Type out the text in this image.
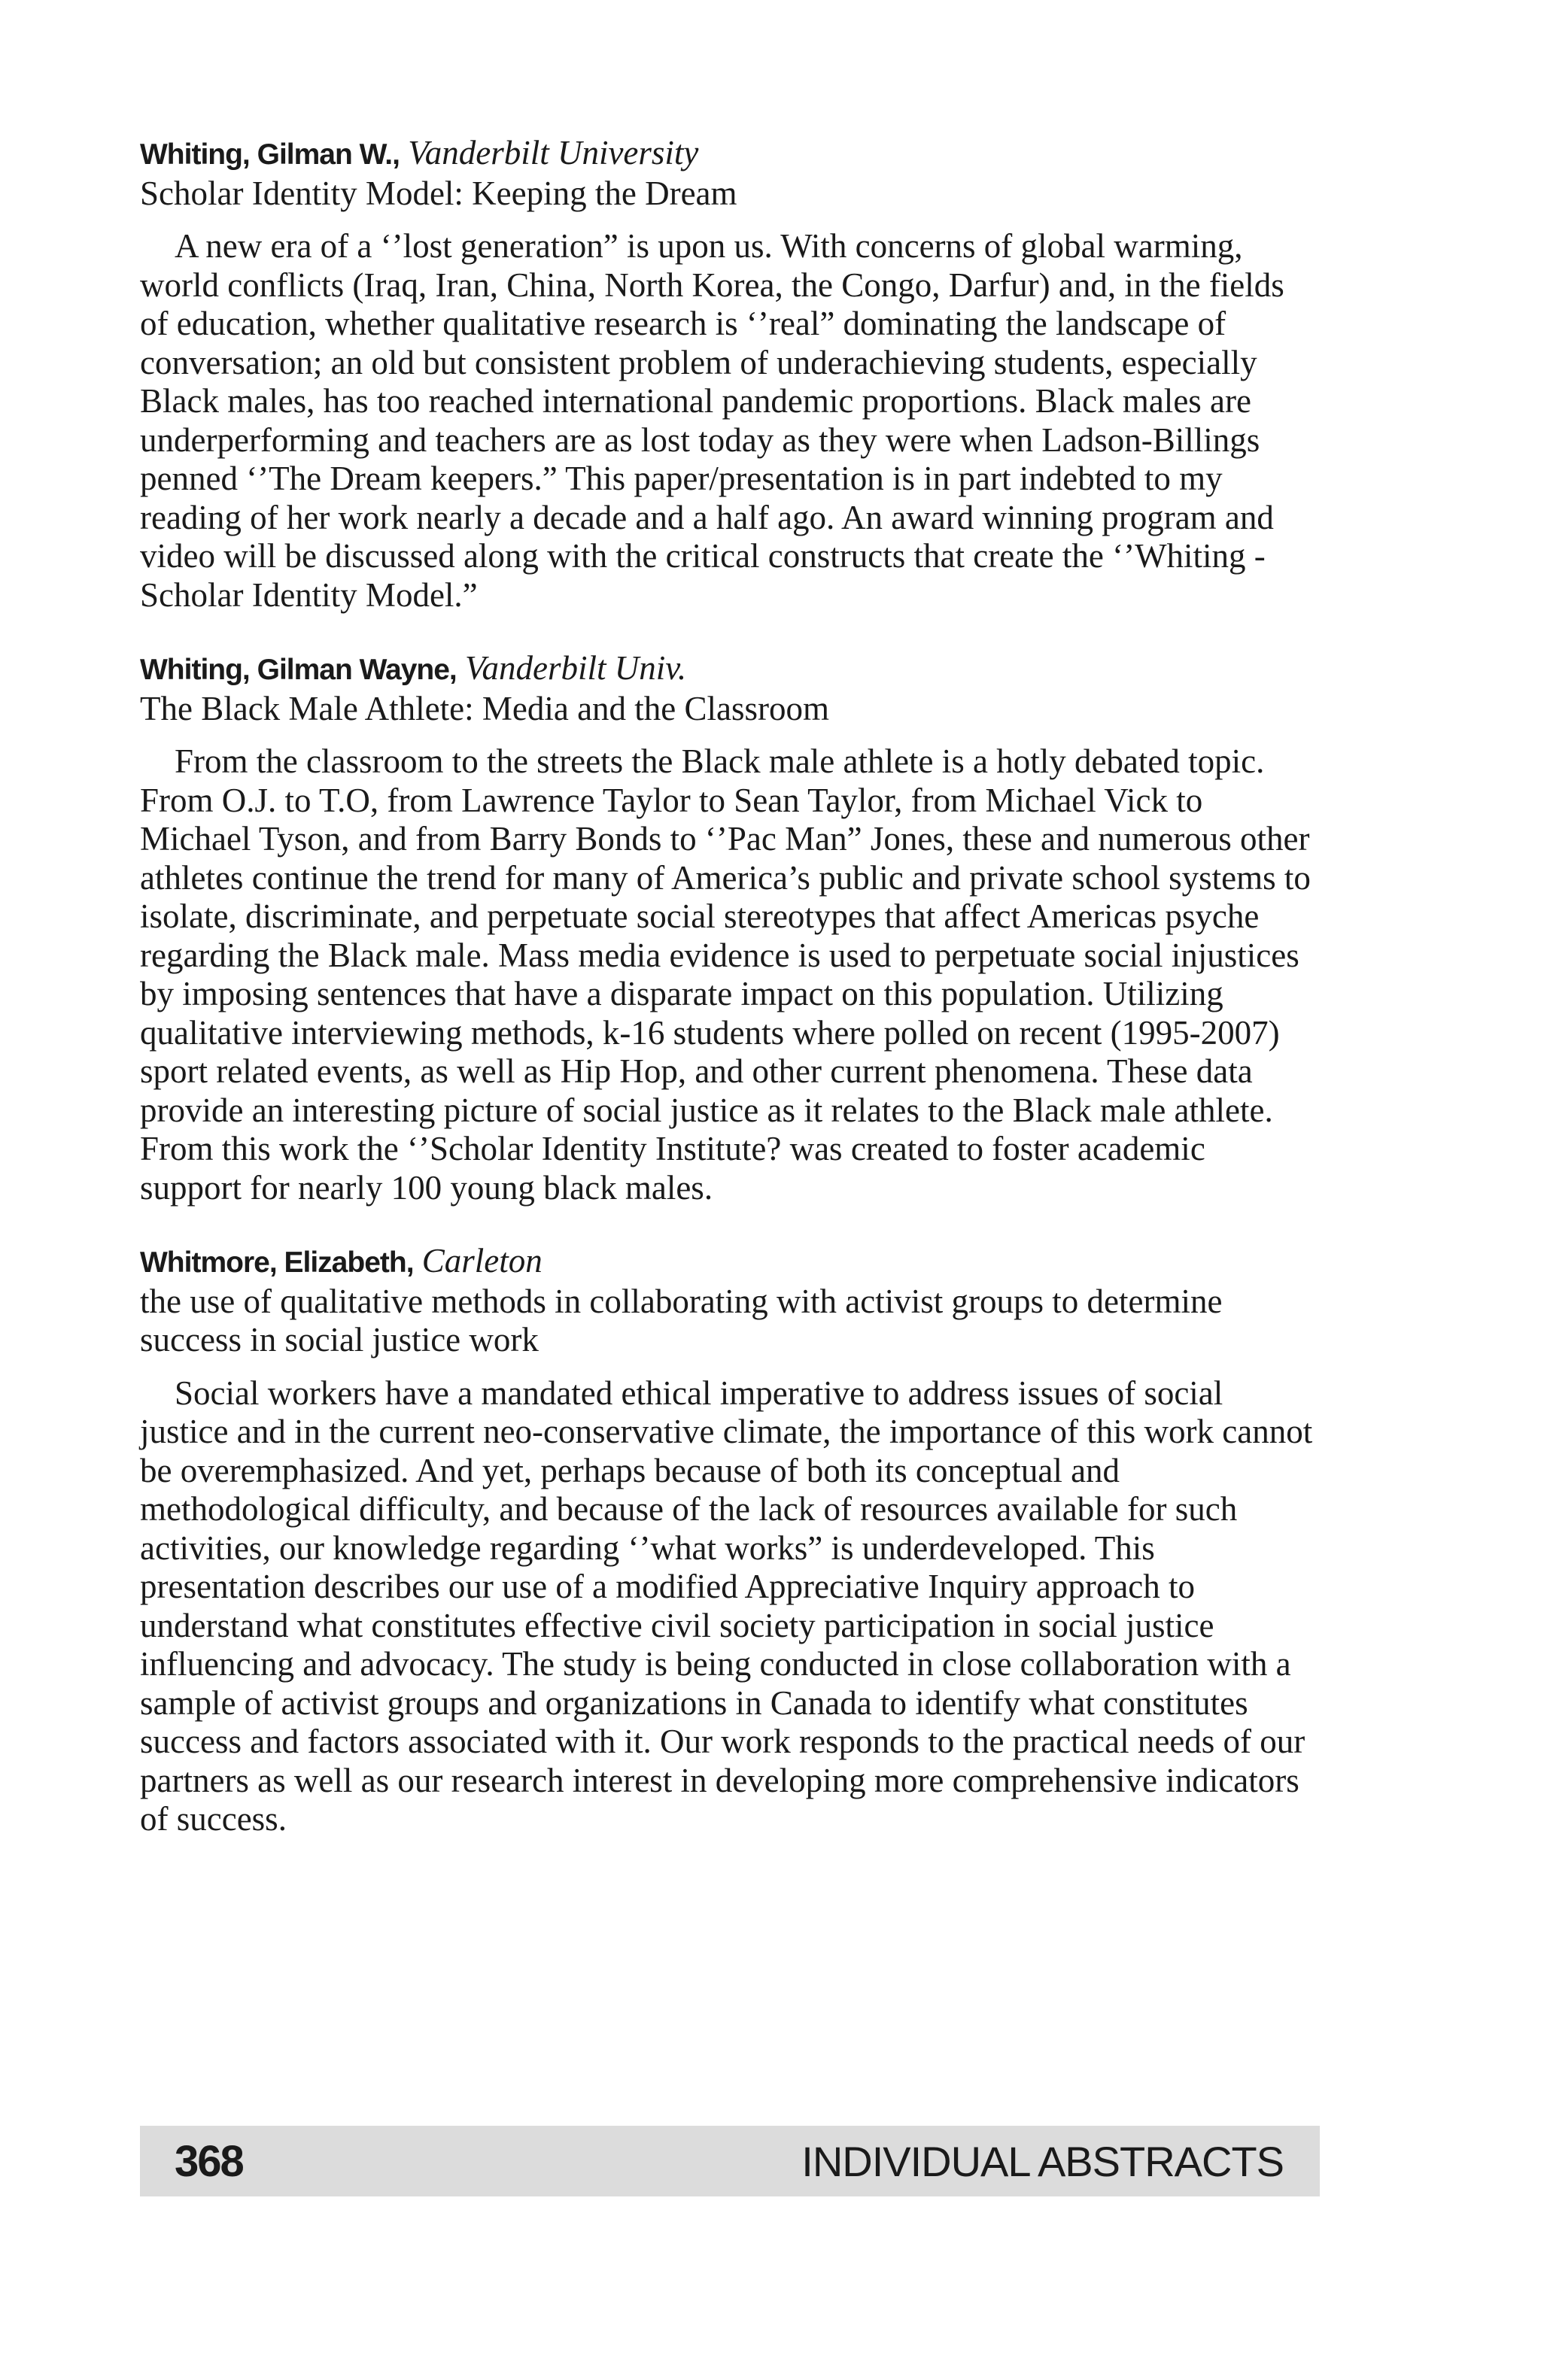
Whiting, Gilman W., Vanderbilt University

Scholar Identity Model: Keeping the Dream

A new era of a ‘’lost generation” is upon us. With concerns of global warming, world conflicts (Iraq, Iran, China, North Korea, the Congo, Darfur) and, in the fields of education, whether qualitative research is ‘’real” dominating the landscape of conversation; an old but consistent problem of underachieving students, especially Black males, has too reached international pandemic proportions. Black males are underperforming and teachers are as lost today as they were when Ladson-Billings penned ‘’The Dream keepers.” This paper/presentation is in part indebted to my reading of her work nearly a decade and a half ago. An award winning program and video will be discussed along with the critical constructs that create the ‘’Whiting - Scholar Identity Model.”

Whiting, Gilman Wayne, Vanderbilt Univ.

The Black Male Athlete: Media and the Classroom

From the classroom to the streets the Black male athlete is a hotly debated topic. From O.J. to T.O, from Lawrence Taylor to Sean Taylor, from Michael Vick to Michael Tyson, and from Barry Bonds to ‘’Pac Man” Jones, these and numerous other athletes continue the trend for many of America’s public and private school systems to isolate, discriminate, and perpetuate social stereotypes that affect Americas psyche regarding the Black male. Mass media evidence is used to perpetuate social injustices by imposing sentences that have a disparate impact on this population. Utilizing qualitative interviewing methods, k-16 students where polled on recent (1995-2007) sport related events, as well as Hip Hop, and other current phenomena. These data provide an interesting picture of social justice as it relates to the Black male athlete. From this work the ‘’Scholar Identity Institute? was created to foster academic support for nearly 100 young black males.

Whitmore, Elizabeth, Carleton

the use of qualitative methods in collaborating with activist groups to determine success in social justice work

Social workers have a mandated ethical imperative to address issues of social justice and in the current neo-conservative climate, the importance of this work cannot be overemphasized. And yet, perhaps because of both its conceptual and methodological difficulty, and because of the lack of resources available for such activities, our knowledge regarding ‘’what works” is underdeveloped. This presentation describes our use of a modified Appreciative Inquiry approach to understand what constitutes effective civil society participation in social justice influencing and advocacy. The study is being conducted in close collaboration with a sample of activist groups and organizations in Canada to identify what constitutes success and factors associated with it. Our work responds to the practical needs of our partners as well as our research interest in developing more comprehensive indicators of success.

368	INDIVIDUAL ABSTRACTS
